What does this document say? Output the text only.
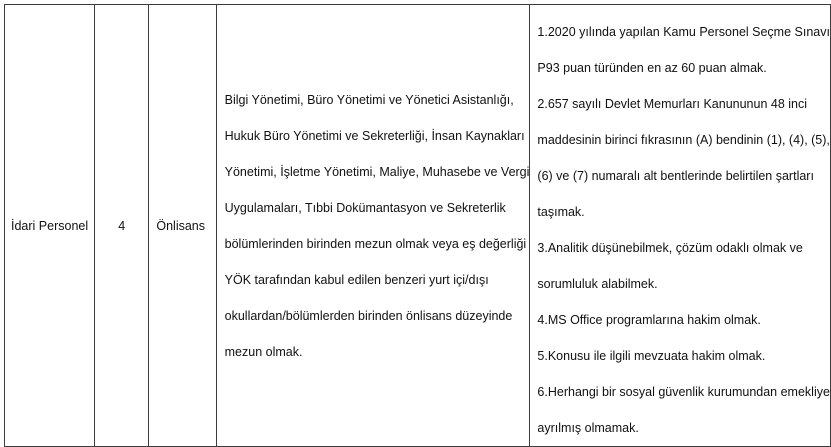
İdari Personel	4	Önlisans	
Bilgi Yönetimi, Büro Yönetimi ve Yönetici Asistanlığı,
Hukuk Büro Yönetimi ve Sekreterliği, İnsan Kaynakları
Yönetimi, İşletme Yönetimi, Maliye, Muhasebe ve Vergi
Uygulamaları, Tıbbi Dokümantasyon ve Sekreterlik
bölümlerinden birinden mezun olmak veya eş değerliği
YÖK tarafından kabul edilen benzeri yurt içi/dışı
okullardan/bölümlerden birinden önlisans düzeyinde
mezun olmak.

1.2020 yılında yapılan Kamu Personel Seçme Sınavı
P93 puan türünden en az 60 puan almak.
2.657 sayılı Devlet Memurları Kanununun 48 inci
maddesinin birinci fıkrasının (A) bendinin (1), (4), (5),
(6) ve (7) numaralı alt bentlerinde belirtilen şartları
taşımak.
3.Analitik düşünebilmek, çözüm odaklı olmak ve
sorumluluk alabilmek.
4.MS Office programlarına hakim olmak.
5.Konusu ile ilgili mevzuata hakim olmak.
6.Herhangi bir sosyal güvenlik kurumundan emekliye
ayrılmış olmamak.
